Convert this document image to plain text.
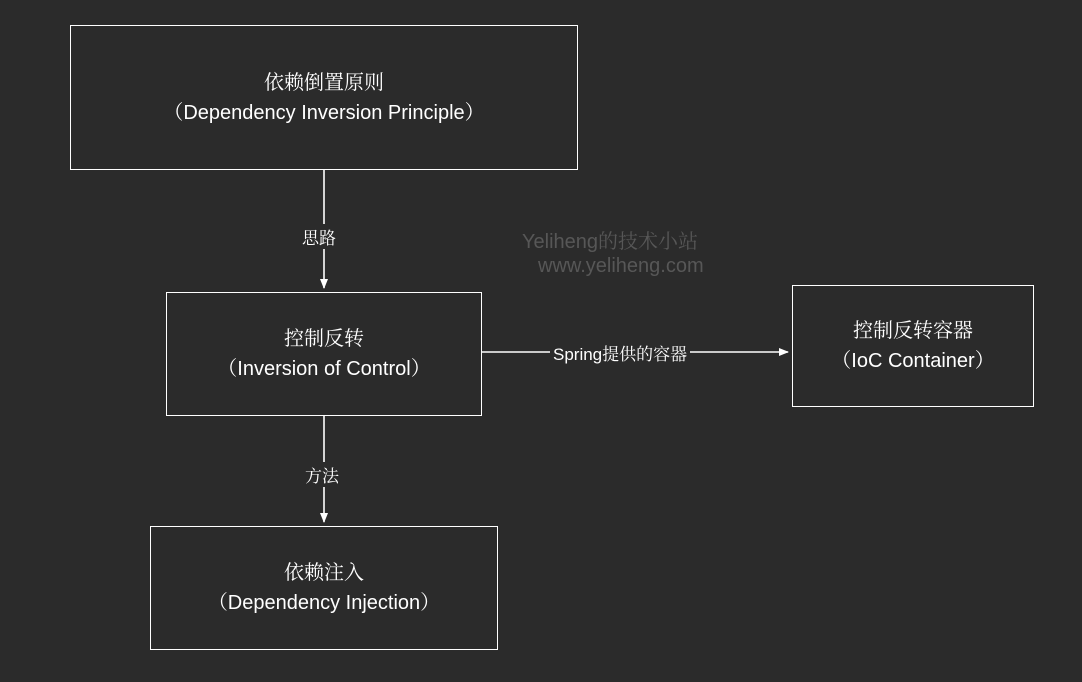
依赖倒置原则
（Dependency Inversion Principle）
控制反转
（Inversion of Control）
依赖注入
（Dependency Injection）
控制反转容器
（IoC Container）
思路
方法
Spring提供的容器
Yeliheng的技术小站
www.yeliheng.com
